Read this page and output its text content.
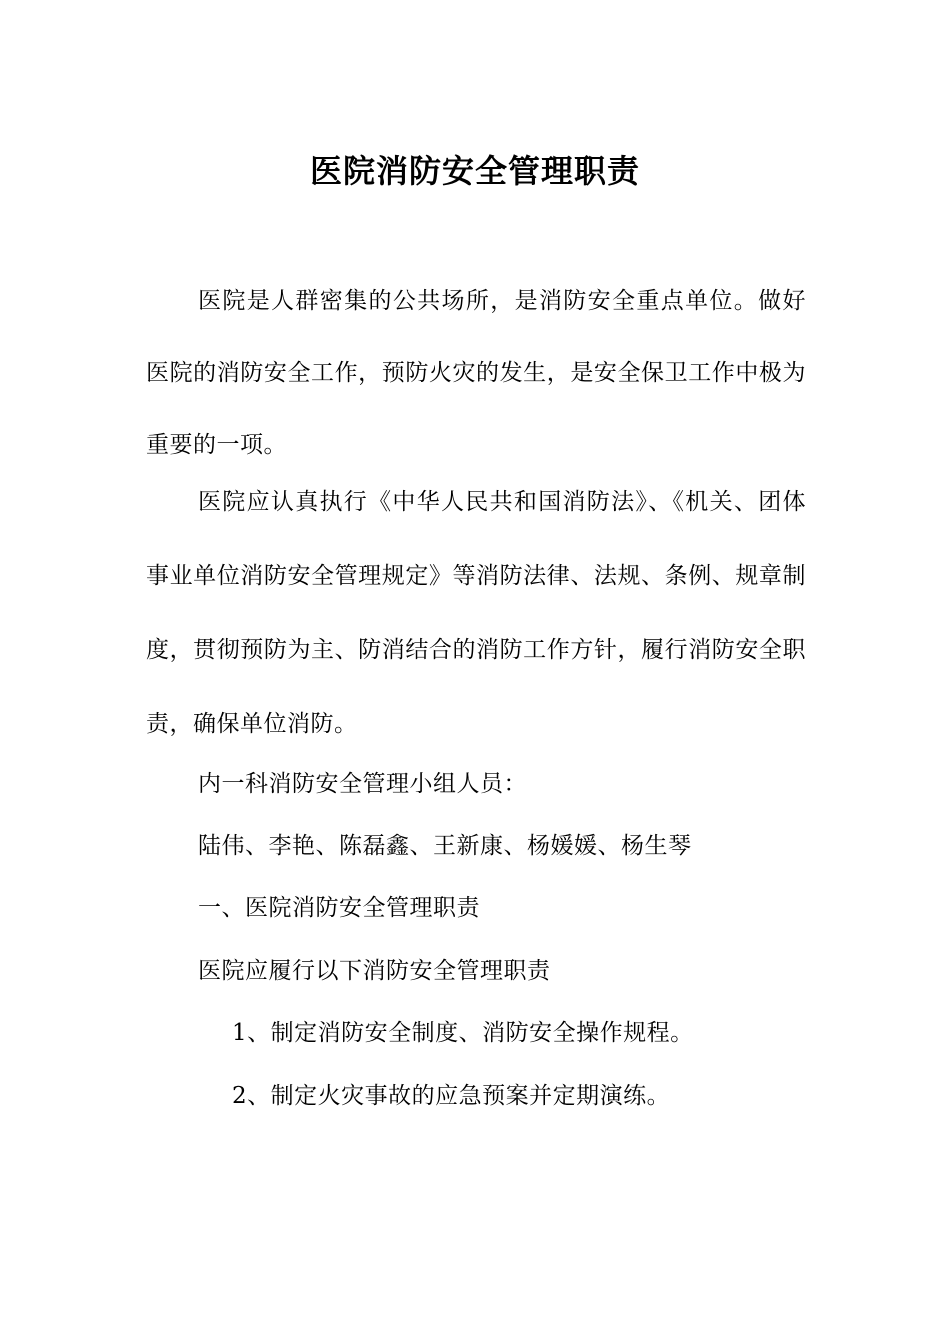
医院消防安全管理职责

医院是人群密集的公共场所，是消防安全重点单位。做好医院的消防安全工作，预防火灾的发生，是安全保卫工作中极为重要的一项。

医院应认真执行《中华人民共和国消防法》、《机关、团体事业单位消防安全管理规定》等消防法律、法规、条例、规章制度，贯彻预防为主、防消结合的消防工作方针，履行消防安全职责，确保单位消防。

内一科消防安全管理小组人员：

陆伟、李艳、陈磊鑫、王新康、杨媛媛、杨生琴

一、医院消防安全管理职责

医院应履行以下消防安全管理职责

1、制定消防安全制度、消防安全操作规程。

2、制定火灾事故的应急预案并定期演练。
